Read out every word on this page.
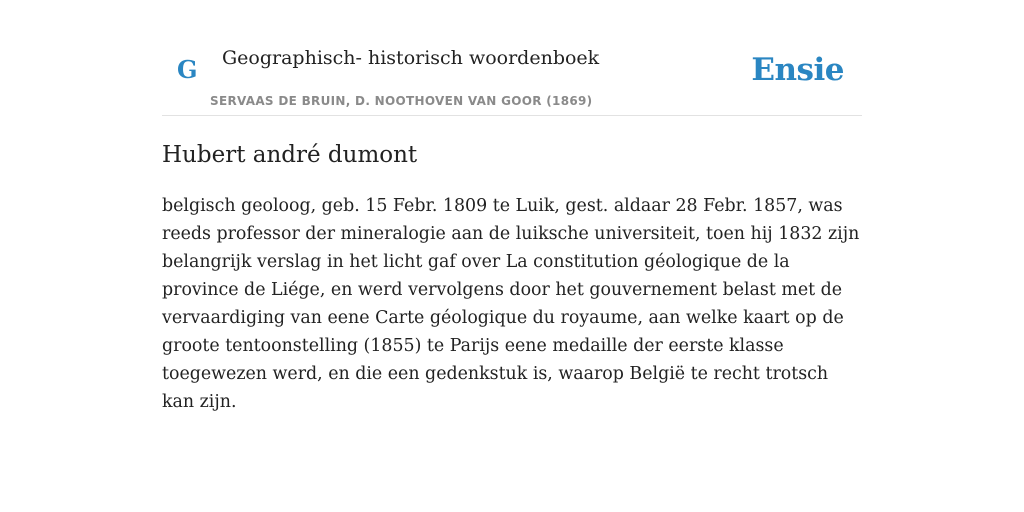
G Geographisch- historisch woordenboek
SERVAAS DE BRUIN, D. NOOTHOVEN VAN GOOR (1869)
Ensie
Hubert andré dumont

belgisch geoloog, geb. 15 Febr. 1809 te Luik, gest. aldaar 28 Febr. 1857, was reeds professor der mineralogie aan de luiksche universiteit, toen hij 1832 zijn belangrijk verslag in het licht gaf over La constitution géologique de la province de Liége, en werd vervolgens door het gouvernement belast met de vervaardiging van eene Carte géologique du royaume, aan welke kaart op de groote tentoonstelling (1855) te Parijs eene medaille der eerste klasse toegewezen werd, en die een gedenkstuk is, waarop België te recht trotsch kan zijn.
